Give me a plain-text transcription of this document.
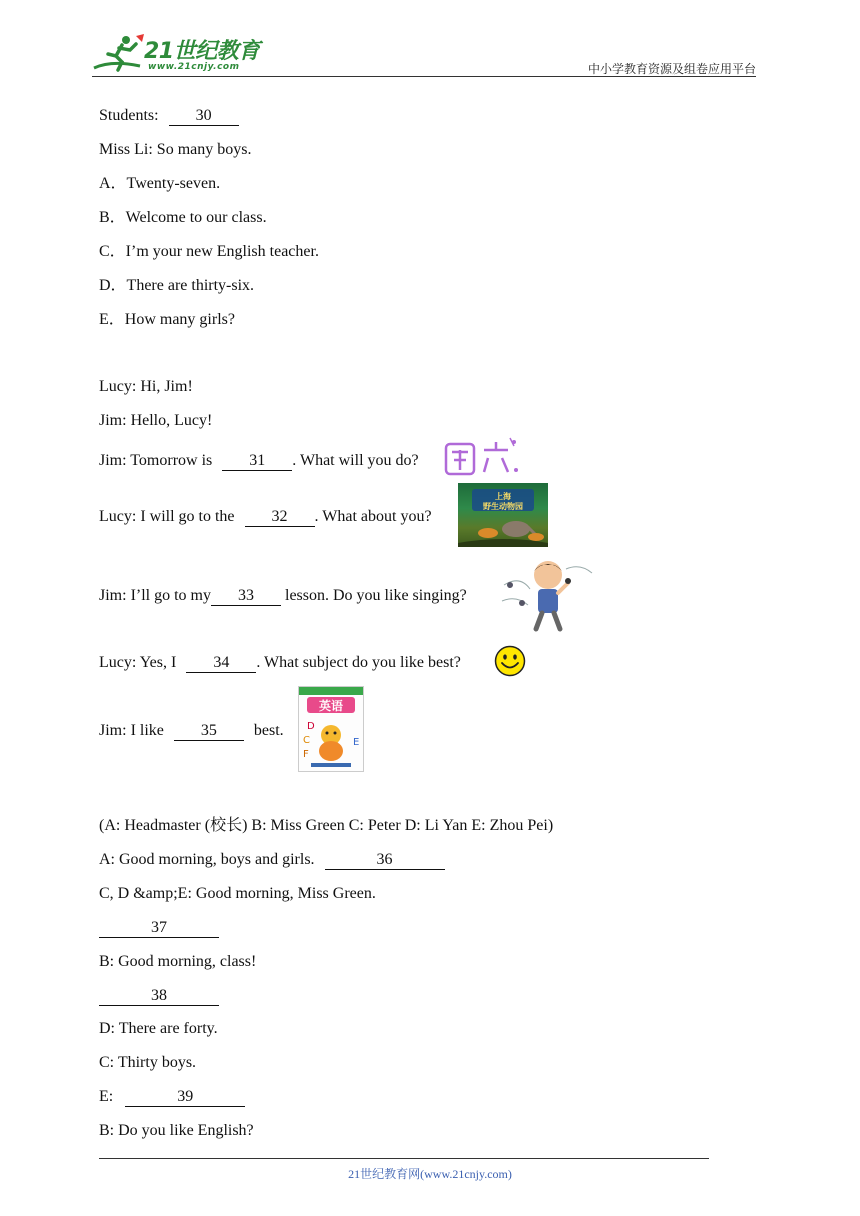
21世纪教育
www.21cnjy.com	中小学教育资源及组卷应用平台
Students: 30
Miss Li: So many boys.
A．Twenty-seven.
B．Welcome to our class.
C．I’m your new English teacher.
D．There are thirty-six.
E．How many girls?
Lucy: Hi, Jim!
Jim: Hello, Lucy!
Jim: Tomorrow is 31 . What will you do?
Lucy: I will go to the 32 . What about you?
上海
野生动物园
Jim: I’ll go to my 33 lesson. Do you like singing?
Lucy: Yes, I 34 . What subject do you like best?
Jim: I like 35 best.
英语
D
C
F
E
(A: Headmaster (校长) B: Miss Green C: Peter D: Li Yan E: Zhou Pei)
A: Good morning, boys and girls.	36
C, D &amp;E: Good morning, Miss Green.
37
B: Good morning, class!
38
D: There are forty.
C: Thirty boys.
E:	39
B: Do you like English?
21世纪教育网(www.21cnjy.com)
